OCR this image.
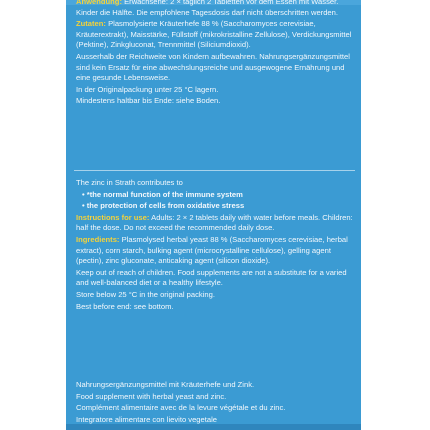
Anwendung: Erwachsene: 2 × täglich 2 Tabletten vor dem Essen mit Wasser. Kinder die Hälfte. Die empfohlene Tagesdosis darf nicht überschritten werden.

Zutaten: Plasmolysierte Kräuterhefe 88 % (Saccharomyces cerevisiae, Kräuterextrakt), Maisstärke, Füllstoff (mikrokristalline Zellulose), Verdickungsmittel (Pektine), Zinkgluconat, Trennmittel (Siliciumdioxid).

Ausserhalb der Reichweite von Kindern aufbewahren. Nahrungsergänzungsmittel sind kein Ersatz für eine abwechslungsreiche und ausgewogene Ernährung und eine gesunde Lebensweise.

In der Originalpackung unter 25 °C lagern.

Mindestens haltbar bis Ende: siehe Boden.

The zinc in Strath contributes to

• *the normal function of the immune system

• the protection of cells from oxidative stress

Instructions for use: Adults: 2 × 2 tablets daily with water before meals. Children: half the dose. Do not exceed the recommended daily dose.

Ingredients: Plasmolysed herbal yeast 88 % (Saccharomyces cerevisiae, herbal extract), corn starch, bulking agent (microcrystalline cellulose), gelling agent (pectin), zinc gluconate, anticaking agent (silicon dioxide).

Keep out of reach of children. Food supplements are not a substitute for a varied and well-balanced diet or a healthy lifestyle.

Store below 25 °C in the original packing.

Best before end: see bottom.

Nahrungsergänzungsmittel mit Kräuterhefe und Zink.

Food supplement with herbal yeast and zinc.

Complément alimentaire avec de la levure végétale et du zinc.

Integratore alimentare con lievito vegetale
